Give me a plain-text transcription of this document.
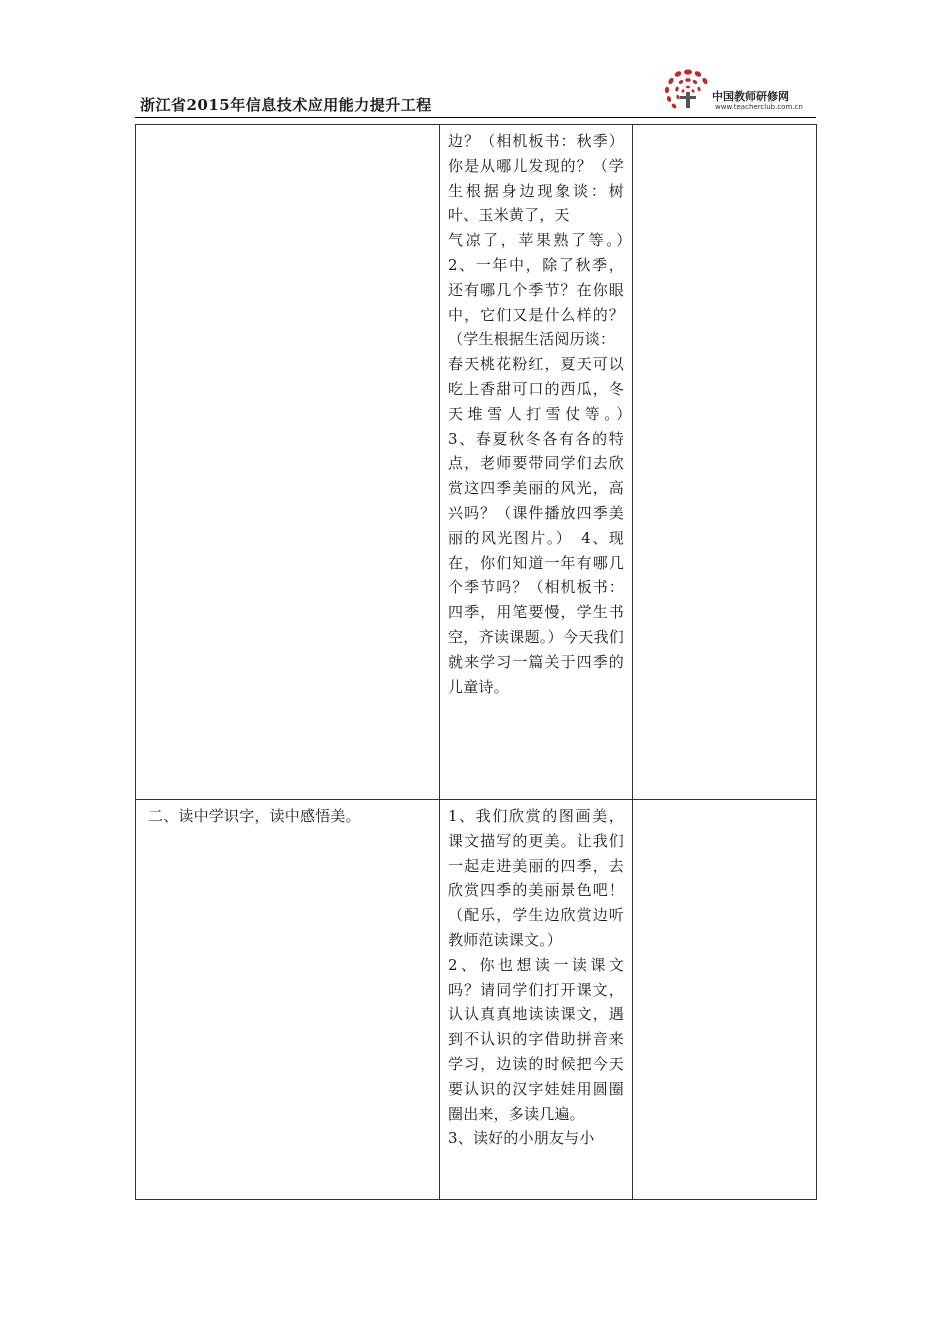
浙江省2015年信息技术应用能力提升工程	中国教师研修网
www.teacherclub.com.cn

	边？（相机板书：秋季）你是从哪儿发现的？（学生根据身边现象谈：树叶、玉米黄了，天

气凉了，苹果熟了等。）　2、一年中，除了秋季，还有哪几个季节？在你眼中，它们又是什么样的？（学生根据生活阅历谈：

春天桃花粉红，夏天可以吃上香甜可口的西瓜，冬天堆雪人打雪仗等。）　3、春夏秋冬各有各的特点，老师要带同学们去欣赏这四季美丽的风光，高兴吗？（课件播放四季美丽的风光图片。）　4、现在，你们知道一年有哪几个季节吗？（相机板书：四季，用笔要慢，学生书空，齐读课题。）今天我们就来学习一篇关于四季的儿童诗。	

二、读中学识字，读中感悟美。	1、我们欣赏的图画美，课文描写的更美。让我们一起走进美丽的四季，去欣赏四季的美丽景色吧！（配乐，学生边欣赏边听教师范读课文。）

2、你也想读一读课文吗？请同学们打开课文，认认真真地读读课文，遇到不认识的字借助拼音来学习，边读的时候把今天要认识的汉字娃娃用圆圈圈出来，多读几遍。

3、读好的小朋友与小	
